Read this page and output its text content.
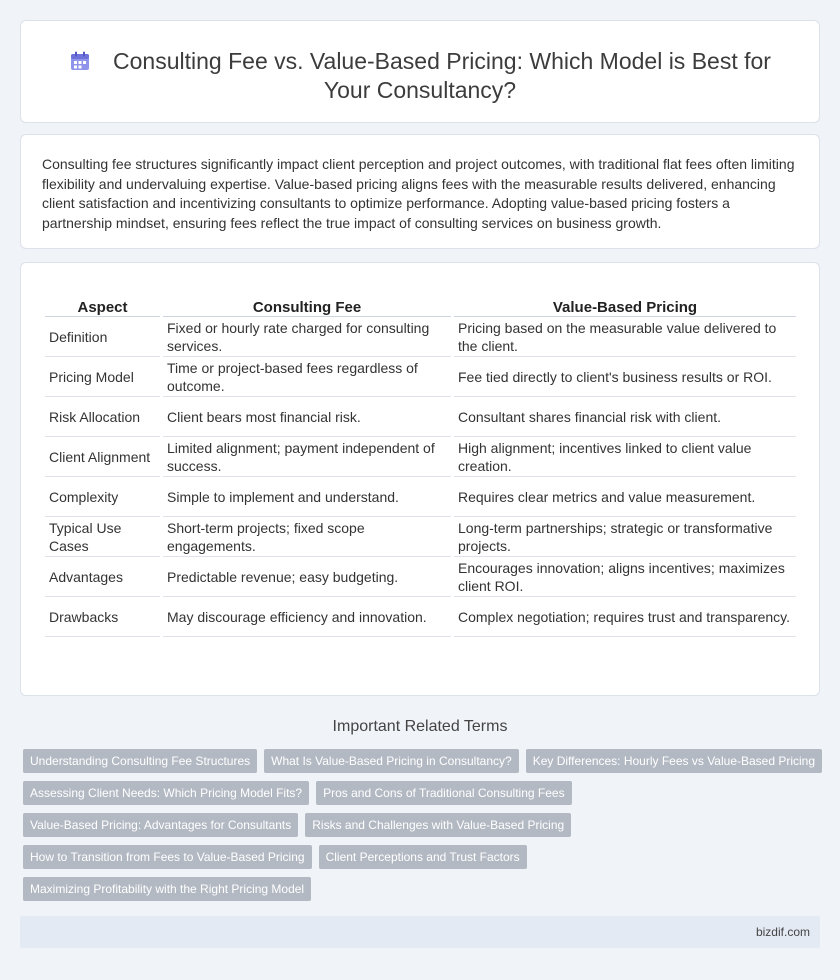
Consulting Fee vs. Value-Based Pricing: Which Model is Best for Your Consultancy?

Consulting fee structures significantly impact client perception and project outcomes, with traditional flat fees often limiting flexibility and undervaluing expertise. Value-based pricing aligns fees with the measurable results delivered, enhancing client satisfaction and incentivizing consultants to optimize performance. Adopting value-based pricing fosters a partnership mindset, ensuring fees reflect the true impact of consulting services on business growth.

Aspect	Consulting Fee	Value-Based Pricing
Definition	Fixed or hourly rate charged for consulting services.	Pricing based on the measurable value delivered to the client.
Pricing Model	Time or project-based fees regardless of outcome.	Fee tied directly to client's business results or ROI.
Risk Allocation	Client bears most financial risk.	Consultant shares financial risk with client.
Client Alignment	Limited alignment; payment independent of success.	High alignment; incentives linked to client value creation.
Complexity	Simple to implement and understand.	Requires clear metrics and value measurement.
Typical Use Cases	Short-term projects; fixed scope engagements.	Long-term partnerships; strategic or transformative projects.
Advantages	Predictable revenue; easy budgeting.	Encourages innovation; aligns incentives; maximizes client ROI.
Drawbacks	May discourage efficiency and innovation.	Complex negotiation; requires trust and transparency.
Important Related Terms
Understanding Consulting Fee Structures	What Is Value-Based Pricing in Consultancy?	Key Differences: Hourly Fees vs Value-Based Pricing
Assessing Client Needs: Which Pricing Model Fits?	Pros and Cons of Traditional Consulting Fees
Value-Based Pricing: Advantages for Consultants	Risks and Challenges with Value-Based Pricing
How to Transition from Fees to Value-Based Pricing	Client Perceptions and Trust Factors
Maximizing Profitability with the Right Pricing Model
bizdif.com
